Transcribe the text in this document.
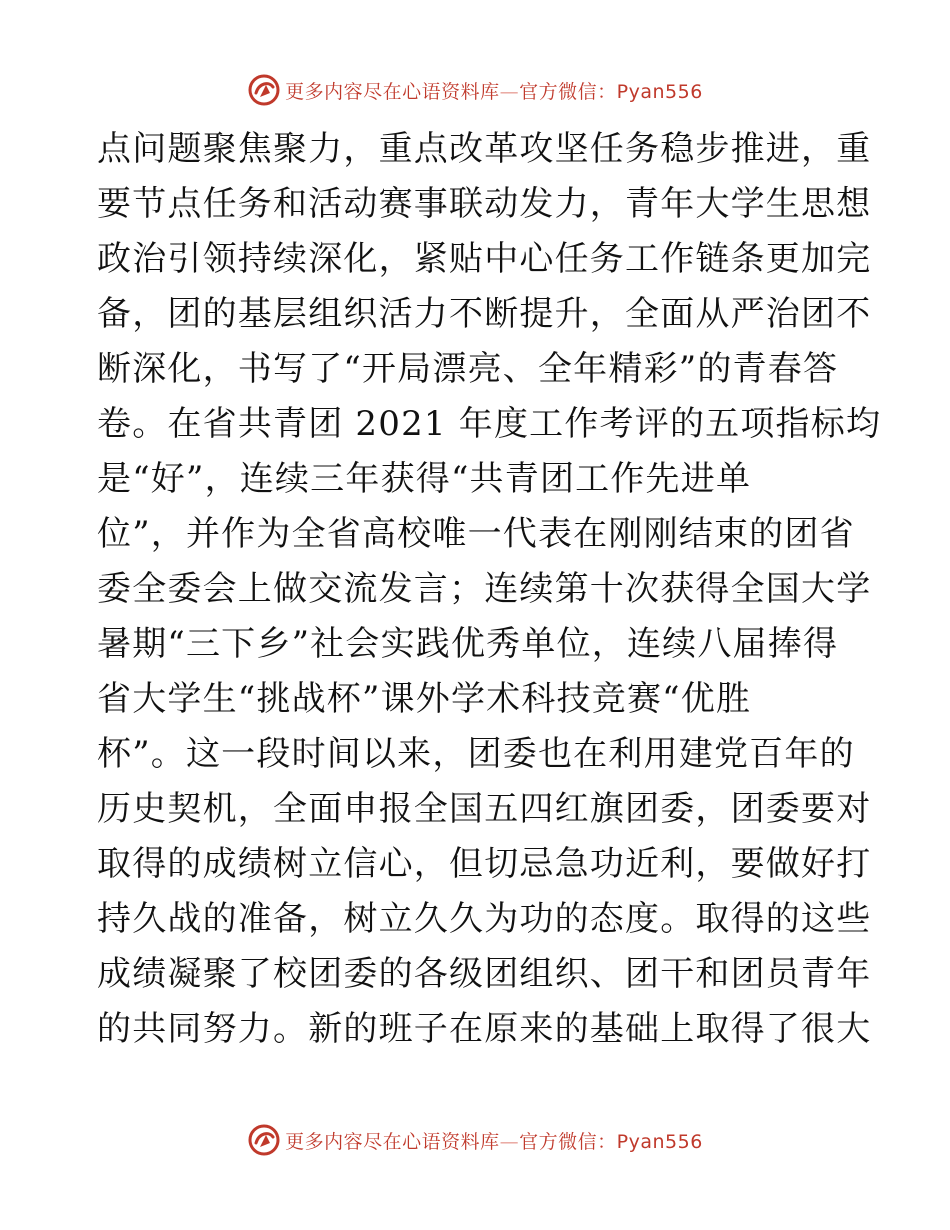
更多内容尽在心语资料库—官方微信：Pyan556
点问题聚焦聚力，重点改革攻坚任务稳步推进，重
要节点任务和活动赛事联动发力，青年大学生思想
政治引领持续深化，紧贴中心任务工作链条更加完
备，团的基层组织活力不断提升，全面从严治团不
断深化，书写了“开局漂亮、全年精彩”的青春答
卷。在省共青团 2021 年度工作考评的五项指标均
是“好”，连续三年获得“共青团工作先进单
位”，并作为全省高校唯一代表在刚刚结束的团省
委全委会上做交流发言；连续第十次获得全国大学
暑期“三下乡”社会实践优秀单位，连续八届捧得
省大学生“挑战杯”课外学术科技竞赛“优胜
杯”。这一段时间以来，团委也在利用建党百年的
历史契机，全面申报全国五四红旗团委，团委要对
取得的成绩树立信心，但切忌急功近利，要做好打
持久战的准备，树立久久为功的态度。取得的这些
成绩凝聚了校团委的各级团组织、团干和团员青年
的共同努力。新的班子在原来的基础上取得了很大
更多内容尽在心语资料库—官方微信：Pyan556
